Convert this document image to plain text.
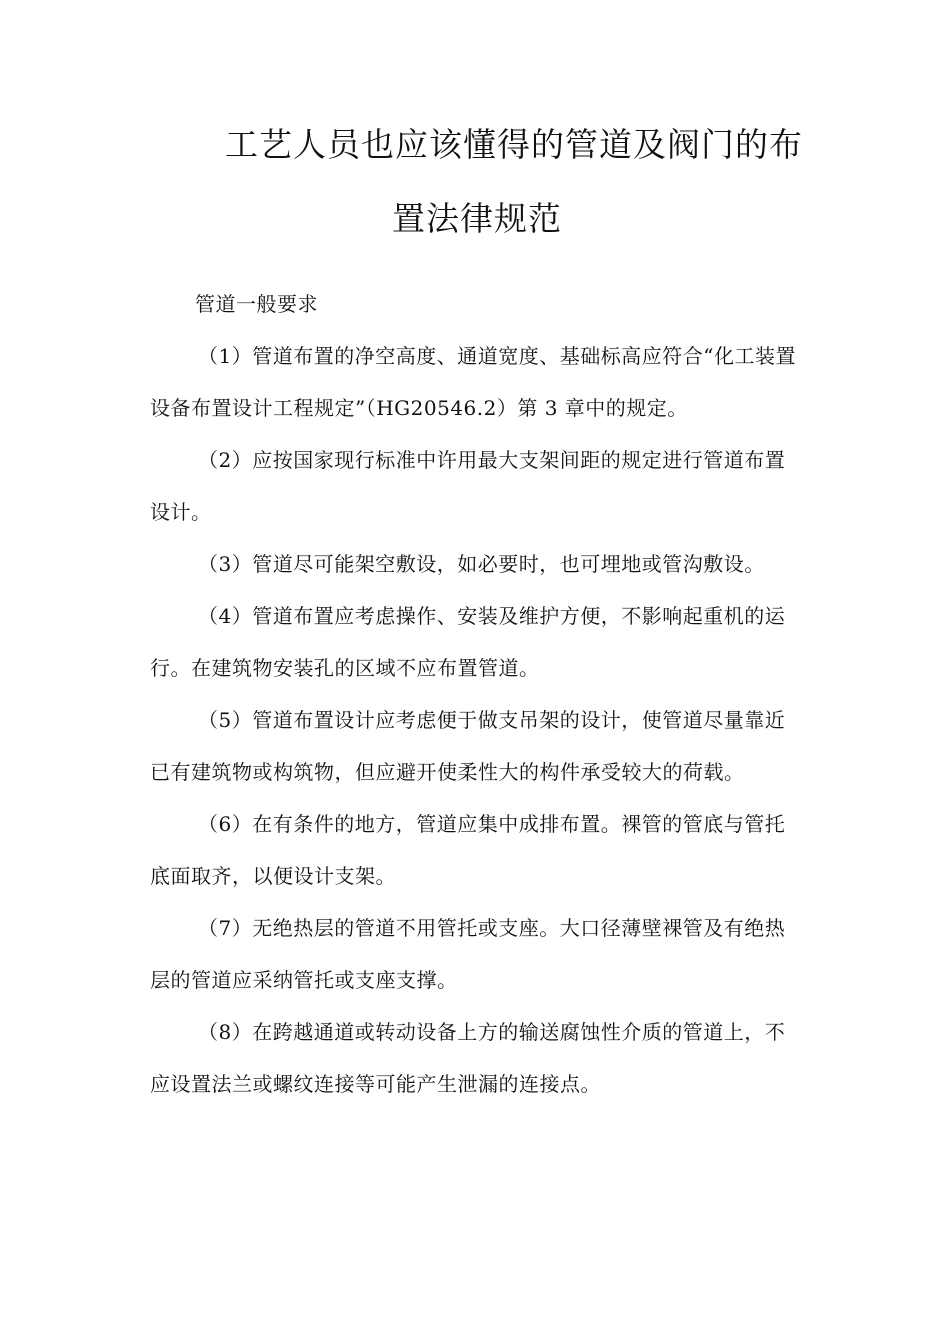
工艺人员也应该懂得的管道及阀门的布
置法律规范

管道一般要求

（1）管道布置的净空高度、通道宽度、基础标高应符合“化工装置设备布置设计工程规定”（HG20546.2）第 3 章中的规定。

（2）应按国家现行标准中许用最大支架间距的规定进行管道布置设计。

（3）管道尽可能架空敷设，如必要时，也可埋地或管沟敷设。

（4）管道布置应考虑操作、安装及维护方便，不影响起重机的运行。在建筑物安装孔的区域不应布置管道。

（5）管道布置设计应考虑便于做支吊架的设计，使管道尽量靠近已有建筑物或构筑物，但应避开使柔性大的构件承受较大的荷载。

（6）在有条件的地方，管道应集中成排布置。裸管的管底与管托底面取齐，以便设计支架。

（7）无绝热层的管道不用管托或支座。大口径薄壁裸管及有绝热层的管道应采纳管托或支座支撑。

（8）在跨越通道或转动设备上方的输送腐蚀性介质的管道上，不应设置法兰或螺纹连接等可能产生泄漏的连接点。
